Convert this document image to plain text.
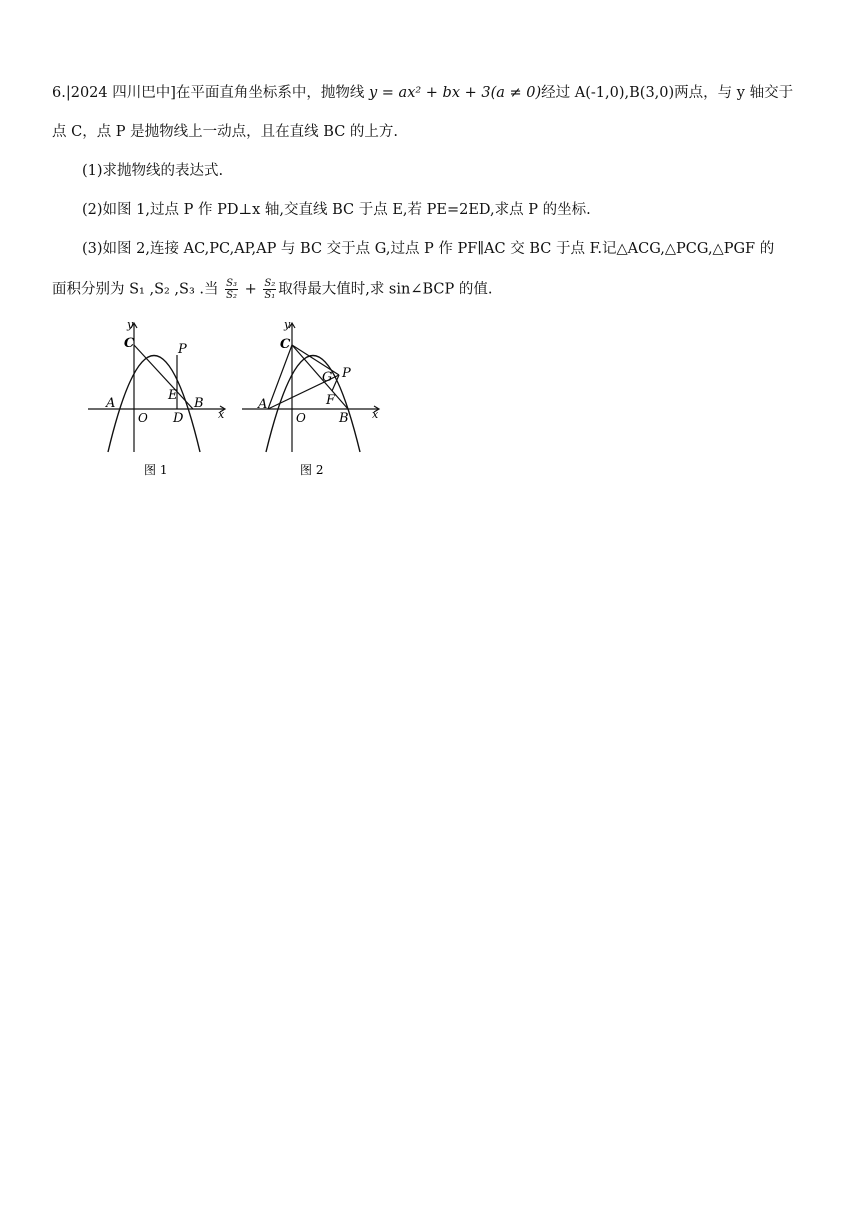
6.|2024 四川巴中]在平面直角坐标系中，抛物线 y = ax² + bx + 3(a ≠ 0)经过 A(-1,0),B(3,0)两点，与 y 轴交于
点 C，点 P 是抛物线上一动点，且在直线 BC 的上方.
(1)求抛物线的表达式.
(2)如图 1,过点 P 作 PD⊥x 轴,交直线 BC 于点 E,若 PE=2ED,求点 P 的坐标.
(3)如图 2,连接 AC,PC,AP,AP 与 BC 交于点 G,过点 P 作 PF∥AC 交 BC 于点 F.记△ACG,△PCG,△PGF 的
面积分别为 S₁ ,S₂ ,S₃ .当 $\frac{\text{S₃}}{\text{S₂}} + \frac{\text{S₂}}{\text{S₁}}$ 取得最大值时,求 sin∠BCP 的值.
y
x
C	P
A
O
E
D
B
图 1
y
x
C
G P
A	F
O	B
图 2
